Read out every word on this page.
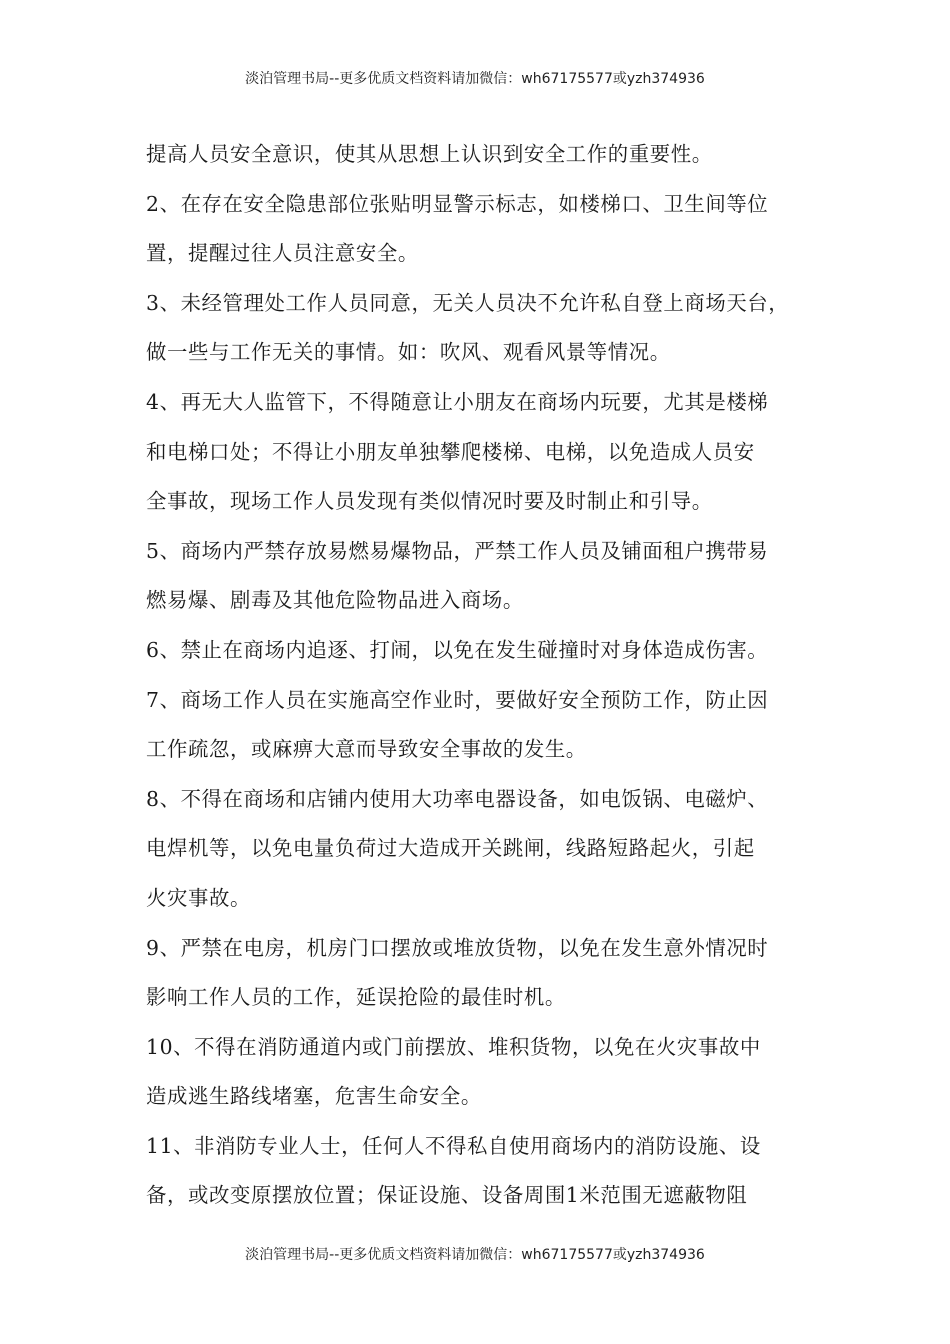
淡泊管理书局--更多优质文档资料请加微信：wh67175577或yzh374936
提高人员安全意识，使其从思想上认识到安全工作的重要性。
2、在存在安全隐患部位张贴明显警示标志，如楼梯口、卫生间等位
置，提醒过往人员注意安全。
3、未经管理处工作人员同意，无关人员决不允许私自登上商场天台，
做一些与工作无关的事情。如：吹风、观看风景等情况。
4、再无大人监管下，不得随意让小朋友在商场内玩要，尤其是楼梯
和电梯口处；不得让小朋友单独攀爬楼梯、电梯，以免造成人员安
全事故，现场工作人员发现有类似情况时要及时制止和引导。
5、商场内严禁存放易燃易爆物品，严禁工作人员及铺面租户携带易
燃易爆、剧毒及其他危险物品进入商场。
6、禁止在商场内追逐、打闹，以免在发生碰撞时对身体造成伤害。
7、商场工作人员在实施高空作业时，要做好安全预防工作，防止因
工作疏忽，或麻痹大意而导致安全事故的发生。
8、不得在商场和店铺内使用大功率电器设备，如电饭锅、电磁炉、
电焊机等，以免电量负荷过大造成开关跳闸，线路短路起火，引起
火灾事故。
9、严禁在电房，机房门口摆放或堆放货物，以免在发生意外情况时
影响工作人员的工作，延误抢险的最佳时机。
10、不得在消防通道内或门前摆放、堆积货物，以免在火灾事故中
造成逃生路线堵塞，危害生命安全。
11、非消防专业人士，任何人不得私自使用商场内的消防设施、设
备，或改变原摆放位置；保证设施、设备周围1米范围无遮蔽物阻
淡泊管理书局--更多优质文档资料请加微信：wh67175577或yzh374936
